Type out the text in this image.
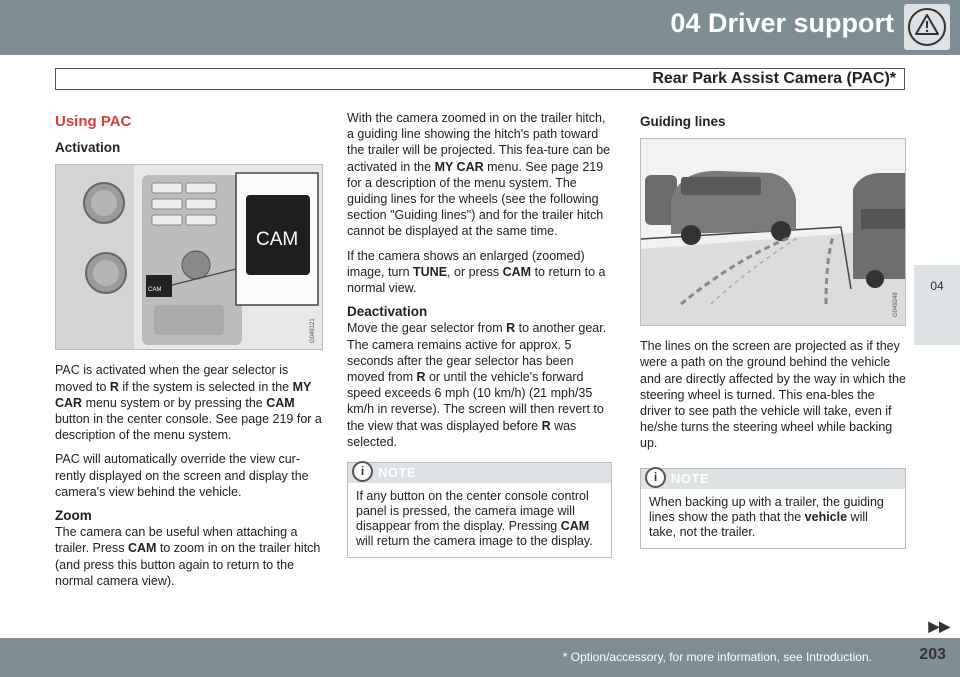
04 Driver support
Rear Park Assist Camera (PAC)*
04
Using PAC
Activation
CAM
CAM
G049121

PAC is activated when the gear selector is moved to R if the system is selected in the MY CAR menu system or by pressing the CAM button in the center console. See page 219 for a description of the menu system.

PAC will automatically override the view cur-rently displayed on the screen and display the camera's view behind the vehicle.

Zoom

The camera can be useful when attaching a trailer. Press CAM to zoom in on the trailer hitch (and press this button again to return to the normal camera view).

With the camera zoomed in on the trailer hitch, a guiding line showing the hitch's path toward the trailer will be projected. This fea-ture can be activated in the MY CAR menu. See page 219 for a description of the menu system. The guiding lines for the wheels (see the following section "Guiding lines") and for the trailer hitch cannot be displayed at the same time.

If the camera shows an enlarged (zoomed) image, turn TUNE, or press CAM to return to a normal view.

Deactivation

Move the gear selector from R to another gear. The camera remains active for approx. 5 seconds after the gear selector has been moved from R or until the vehicle's forward speed exceeds 6 mph (10 km/h) (21 mph/35 km/h in reverse). The screen will then revert to the view that was displayed before R was selected.

i	NOTE
If any button on the center console control panel is pressed, the camera image will disappear from the display. Pressing CAM will return the camera image to the display.
Guiding lines
G049248

The lines on the screen are projected as if they were a path on the ground behind the vehicle and are directly affected by the way in which the steering wheel is turned. This ena-bles the driver to see path the vehicle will take, even if he/she turns the steering wheel while backing up.

i	NOTE
When backing up with a trailer, the guiding lines show the path that the vehicle will take, not the trailer.
▶▶
* Option/accessory, for more information, see Introduction.	203
